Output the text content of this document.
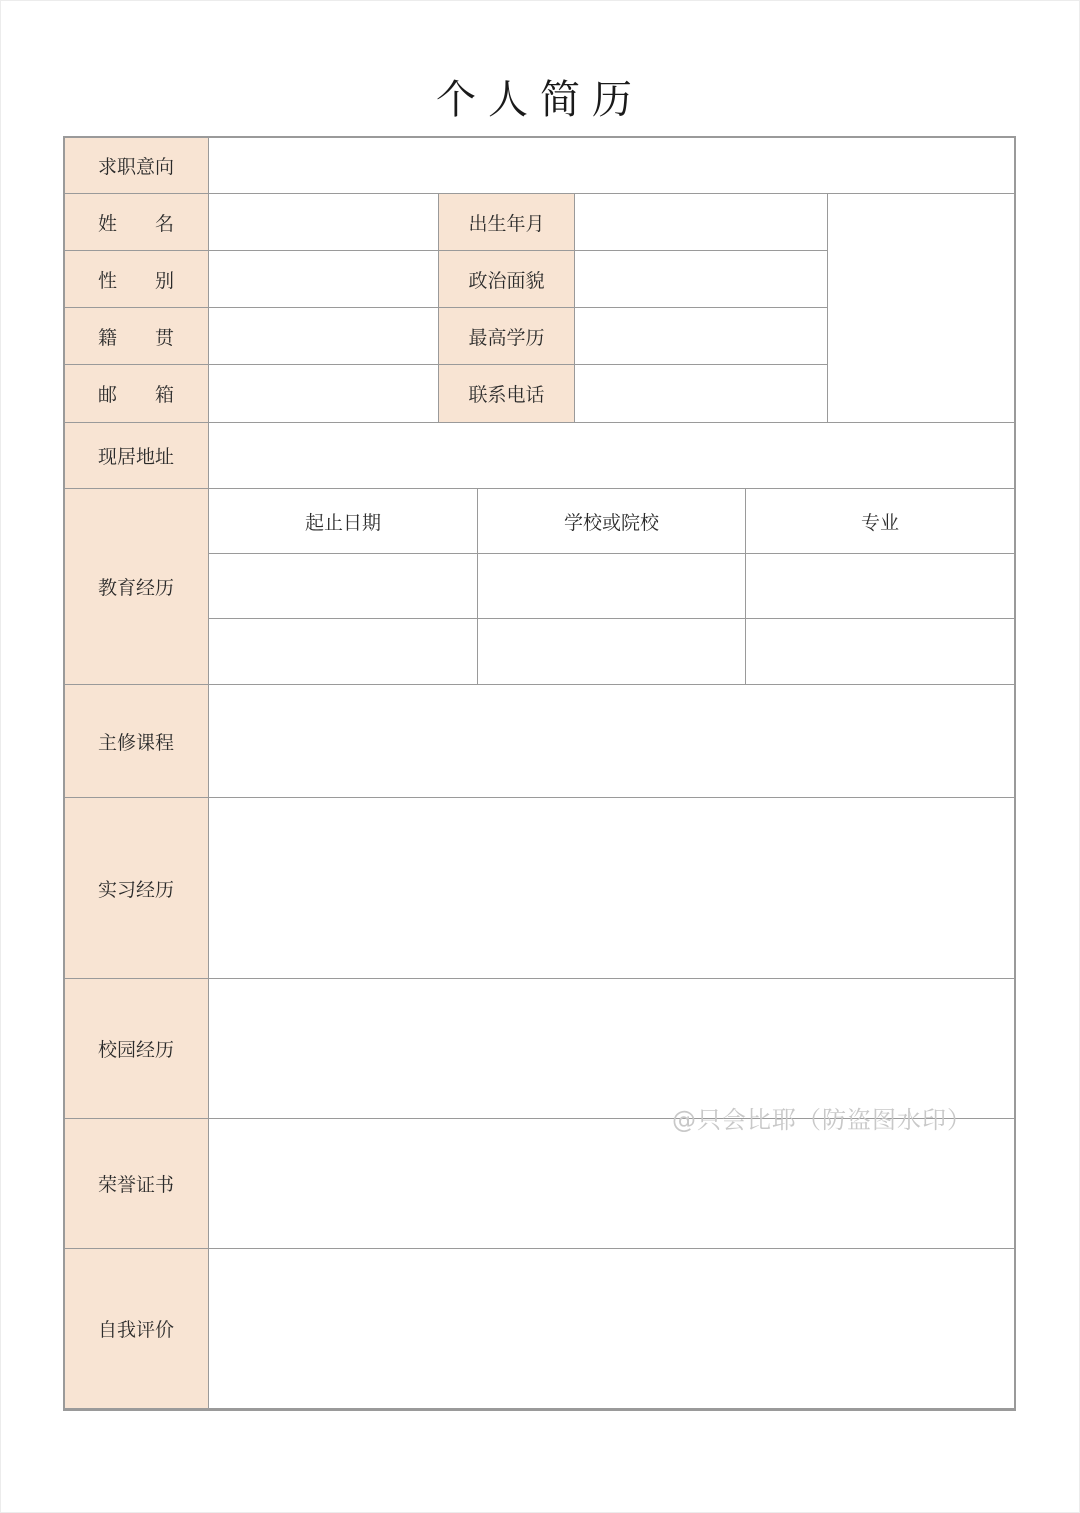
个人简历
求职意向
姓 名	出生年月
性 别	政治面貌
籍 贯	最高学历
邮 箱	联系电话
现居地址
教育经历
起止日期	学校或院校	专业
主修课程
实习经历
校园经历
荣誉证书
自我评价
@只会比耶（防盗图水印）
